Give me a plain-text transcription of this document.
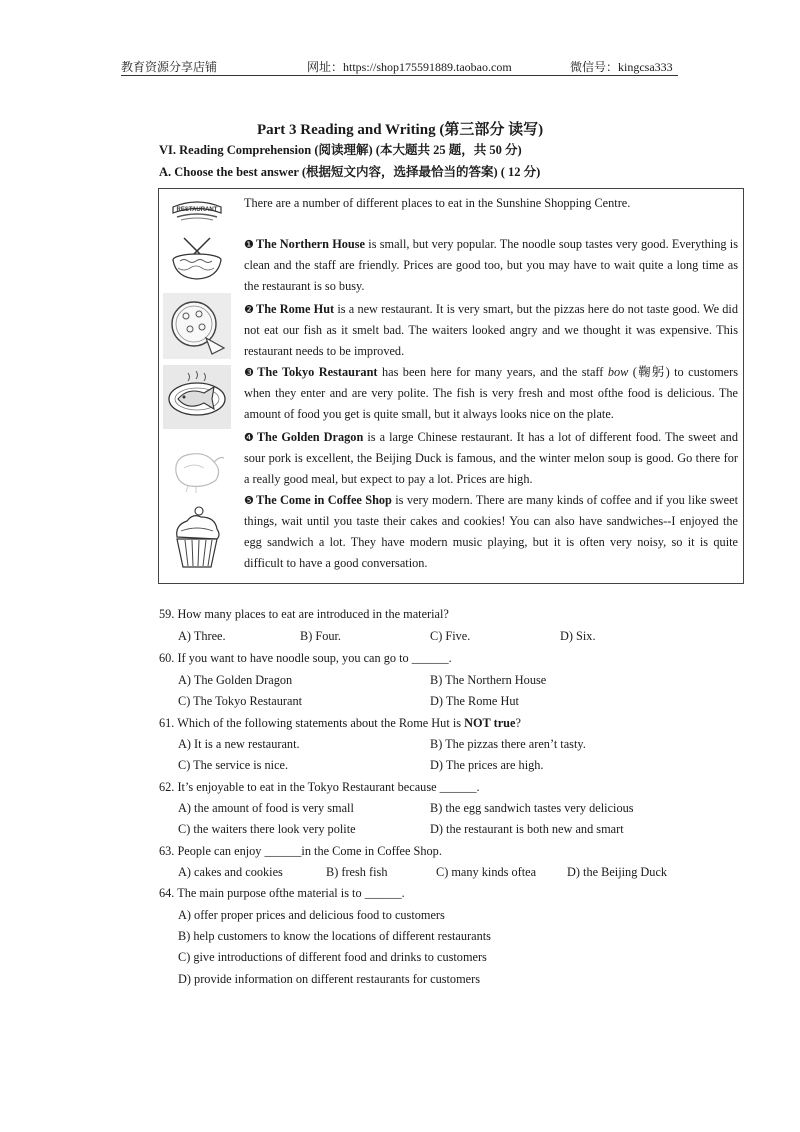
教育资源分享店铺	网址：https://shop175591889.taobao.com	微信号：kingcsa333
Part 3 Reading and Writing (第三部分 读写)
VI. Reading Comprehension (阅读理解) (本大题共 25 题，共 50 分)
A. Choose the best answer (根据短文内容，选择最恰当的答案) ( 12 分)
RESTAURANT There are a number of different places to eat in the Sunshine Shopping Centre.
❶ The Northern House is small, but very popular. The noodle soup tastes very good. Everything is clean and the staff are friendly. Prices are good too, but you may have to wait quite a long time as the restaurant is so busy.
❷ The Rome Hut is a new restaurant. It is very smart, but the pizzas here do not taste good. We did not eat our fish as it smelt bad. The waiters looked angry and we thought it was expensive. This restaurant needs to be improved.
❸ The Tokyo Restaurant has been here for many years, and the staff bow (鞠躬) to customers when they enter and are very polite. The fish is very fresh and most ofthe food is delicious. The amount of food you get is quite small, but it always looks nice on the plate.
❹ The Golden Dragon is a large Chinese restaurant. It has a lot of different food. The sweet and sour pork is excellent, the Beijing Duck is famous, and the winter melon soup is good. Go there for a really good meal, but expect to pay a lot. Prices are high.
❺ The Come in Coffee Shop is very modern. There are many kinds of coffee and if you like sweet things, wait until you taste their cakes and cookies! You can also have sandwiches--I enjoyed the egg sandwich a lot. They have modern music playing, but it is often very noisy, so it is quite difficult to have a good conversation.
59. How many places to eat are introduced in the material?
A) Three.	B) Four.	C) Five.	D) Six.
60. If you want to have noodle soup, you can go to ______.
A) The Golden Dragon	B) The Northern House
C) The Tokyo Restaurant	D) The Rome Hut
61. Which of the following statements about the Rome Hut is NOT true?
A) It is a new restaurant.	B) The pizzas there aren’t tasty.
C) The service is nice.	D) The prices are high.
62. It’s enjoyable to eat in the Tokyo Restaurant because ______.
A) the amount of food is very small	B) the egg sandwich tastes very delicious
C) the waiters there look very polite	D) the restaurant is both new and smart
63. People can enjoy ______in the Come in Coffee Shop.
A) cakes and cookies	B) fresh fish	C) many kinds oftea	D) the Beijing Duck
64. The main purpose ofthe material is to ______.
A) offer proper prices and delicious food to customers
B) help customers to know the locations of different restaurants
C) give introductions of different food and drinks to customers
D) provide information on different restaurants for customers
